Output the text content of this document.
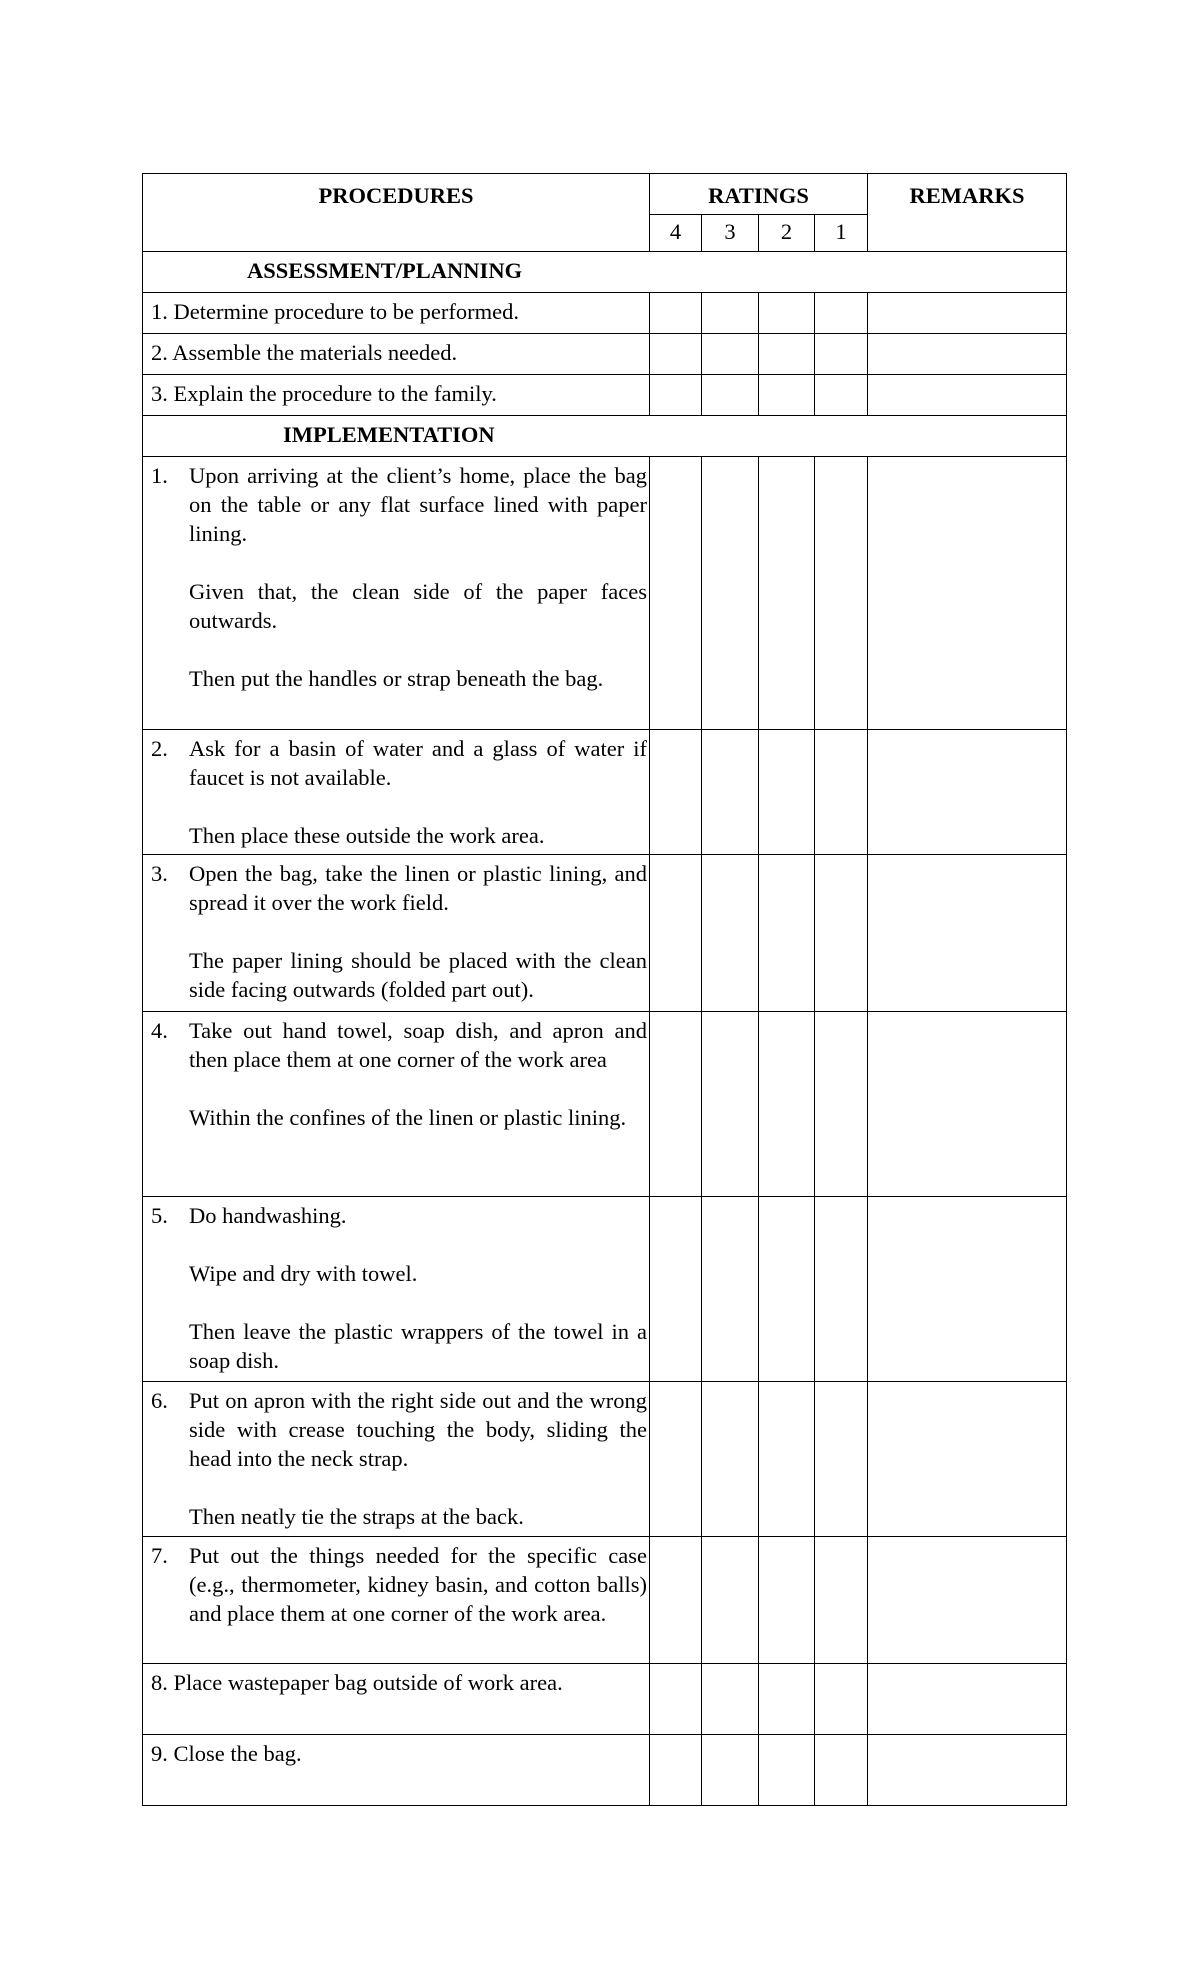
PROCEDURES	RATINGS				REMARKS
	4	3	2	1	
ASSESSMENT/PLANNING					
1. Determine procedure to be performed.					
2. Assemble the materials needed.					
3. Explain the procedure to the family.					
IMPLEMENTATION					

1. Upon arriving at the client’s home, place the bag on the table or any flat surface lined with paper lining.

Given that, the clean side of the paper faces outwards.

Then put the handles or strap beneath the bag.					

2. Ask for a basin of water and a glass of water if faucet is not available.

Then place these outside the work area.					

3. Open the bag, take the linen or plastic lining, and spread it over the work field.

The paper lining should be placed with the clean side facing outwards (folded part out).					

4. Take out hand towel, soap dish, and apron and then place them at one corner of the work area

Within the confines of the linen or plastic lining.					

5. Do handwashing.

Wipe and dry with towel.

Then leave the plastic wrappers of the towel in a soap dish.					

6. Put on apron with the right side out and the wrong side with crease touching the body, sliding the head into the neck strap.

Then neatly tie the straps at the back.					

7. Put out the things needed for the specific case (e.g., thermometer, kidney basin, and cotton balls) and place them at one corner of the work area.					

8. Place wastepaper bag outside of work area.					
9. Close the bag.					
